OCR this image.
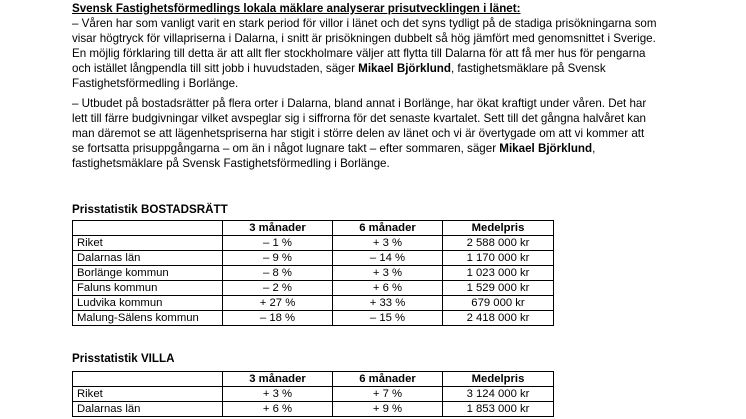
Svensk Fastighetsförmedlings lokala mäklare analyserar prisutvecklingen i länet:
– Våren har som vanligt varit en stark period för villor i länet och det syns tydligt på de stadiga prisökningarna som
visar högtryck för villapriserna i Dalarna, i snitt är prisökningen dubbelt så hög jämfört med genomsnittet i Sverige.
En möjlig förklaring till detta är att allt fler stockholmare väljer att flytta till Dalarna för att få mer hus för pengarna
och istället långpendla till sitt jobb i huvudstaden, säger Mikael Björklund, fastighetsmäklare på Svensk
Fastighetsförmedling i Borlänge.
– Utbudet på bostadsrätter på flera orter i Dalarna, bland annat i Borlänge, har ökat kraftigt under våren. Det har
lett till färre budgivningar vilket avspeglar sig i siffrorna för det senaste kvartalet. Sett till det gångna halvåret kan
man däremot se att lägenhetspriserna har stigit i större delen av länet och vi är övertygade om att vi kommer att
se fortsatta prisuppgångarna – om än i något lugnare takt – efter sommaren, säger Mikael Björklund,
fastighetsmäklare på Svensk Fastighetsförmedling i Borlänge.
Prisstatistik BOSTADSRÄTT
	3 månader	6 månader	Medelpris
Riket	– 1 %	+ 3 %	2 588 000 kr
Dalarnas län	– 9 %	– 14 %	1 170 000 kr
Borlänge kommun	– 8 %	+ 3 %	1 023 000 kr
Faluns kommun	– 2 %	+ 6 %	1 529 000 kr
Ludvika kommun	+ 27 %	+ 33 %	679 000 kr
Malung-Sälens kommun	– 18 %	– 15 %	2 418 000 kr
Prisstatistik VILLA
	3 månader	6 månader	Medelpris
Riket	+ 3 %	+ 7 %	3 124 000 kr
Dalarnas län	+ 6 %	+ 9 %	1 853 000 kr
